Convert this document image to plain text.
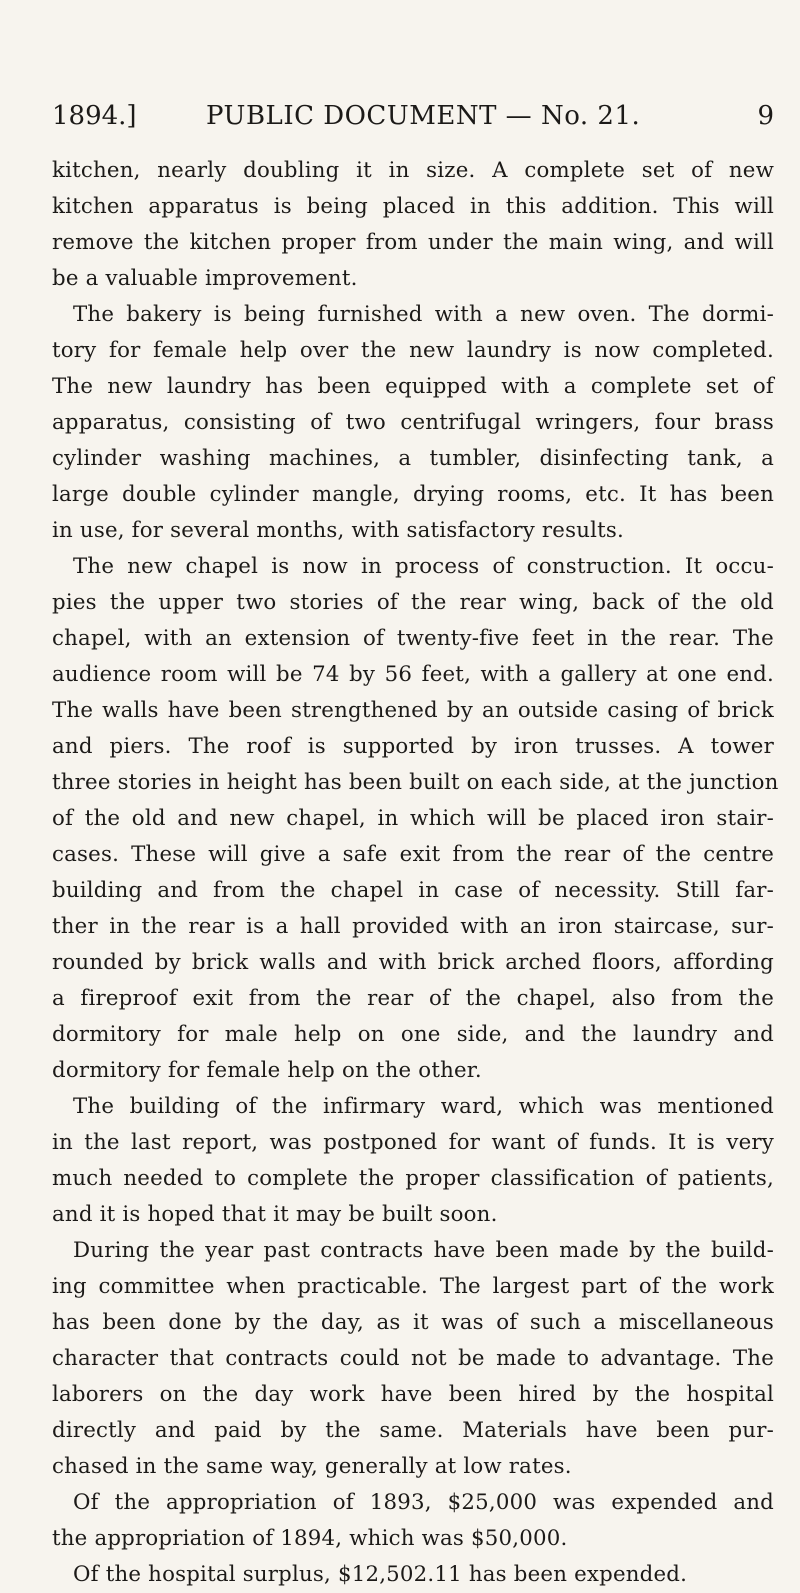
1894.]	PUBLIC DOCUMENT — No. 21.	9
kitchen, nearly doubling it in size. A complete set of new
kitchen apparatus is being placed in this addition. This will
remove the kitchen proper from under the main wing, and will
be a valuable improvement.
The bakery is being furnished with a new oven. The dormi-
tory for female help over the new laundry is now completed.
The new laundry has been equipped with a complete set of
apparatus, consisting of two centrifugal wringers, four brass
cylinder washing machines, a tumbler, disinfecting tank, a
large double cylinder mangle, drying rooms, etc. It has been
in use, for several months, with satisfactory results.
The new chapel is now in process of construction. It occu-
pies the upper two stories of the rear wing, back of the old
chapel, with an extension of twenty-five feet in the rear. The
audience room will be 74 by 56 feet, with a gallery at one end.
The walls have been strengthened by an outside casing of brick
and piers. The roof is supported by iron trusses. A tower
three stories in height has been built on each side, at the junction
of the old and new chapel, in which will be placed iron stair-
cases. These will give a safe exit from the rear of the centre
building and from the chapel in case of necessity. Still far-
ther in the rear is a hall provided with an iron staircase, sur-
rounded by brick walls and with brick arched floors, affording
a fireproof exit from the rear of the chapel, also from the
dormitory for male help on one side, and the laundry and
dormitory for female help on the other.
The building of the infirmary ward, which was mentioned
in the last report, was postponed for want of funds. It is very
much needed to complete the proper classification of patients,
and it is hoped that it may be built soon.
During the year past contracts have been made by the build-
ing committee when practicable. The largest part of the work
has been done by the day, as it was of such a miscellaneous
character that contracts could not be made to advantage. The
laborers on the day work have been hired by the hospital
directly and paid by the same. Materials have been pur-
chased in the same way, generally at low rates.
Of the appropriation of 1893, $25,000 was expended and
the appropriation of 1894, which was $50,000.
Of the hospital surplus, $12,502.11 has been expended.
